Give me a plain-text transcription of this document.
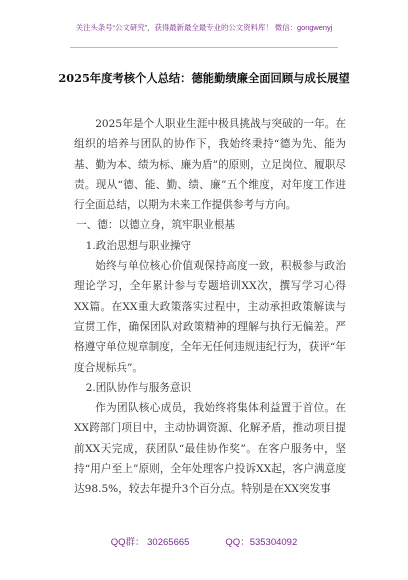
关注头条号“公文研究”，获得最新最全最专业的公文资料库！ 微信：gongwenyj
2025年度考核个人总结：德能勤绩廉全面回顾与成长展望

2025年是个人职业生涯中极具挑战与突破的一年。在组织的培养与团队的协作下，我始终秉持“德为先、能为基、勤为本、绩为标、廉为盾”的原则，立足岗位、履职尽责。现从“德、能、勤、绩、廉”五个维度，对年度工作进行全面总结，以期为未来工作提供参考与方向。

一、德：以德立身，筑牢职业根基

1.政治思想与职业操守

始终与单位核心价值观保持高度一致，积极参与政治理论学习，全年累计参与专题培训XX次，撰写学习心得XX篇。在XX重大政策落实过程中，主动承担政策解读与宣贯工作，确保团队对政策精神的理解与执行无偏差。严格遵守单位规章制度，全年无任何违规违纪行为，获评“年度合规标兵”。

2.团队协作与服务意识

作为团队核心成员，我始终将集体利益置于首位。在XX跨部门项目中，主动协调资源、化解矛盾，推动项目提前XX天完成，获团队“最佳协作奖”。在客户服务中，坚持“用户至上”原则，全年处理客户投诉XX起，客户满意度达98.5%，较去年提升3个百分点。特别是在XX突发事

QQ群： 30265665	QQ：535304092
